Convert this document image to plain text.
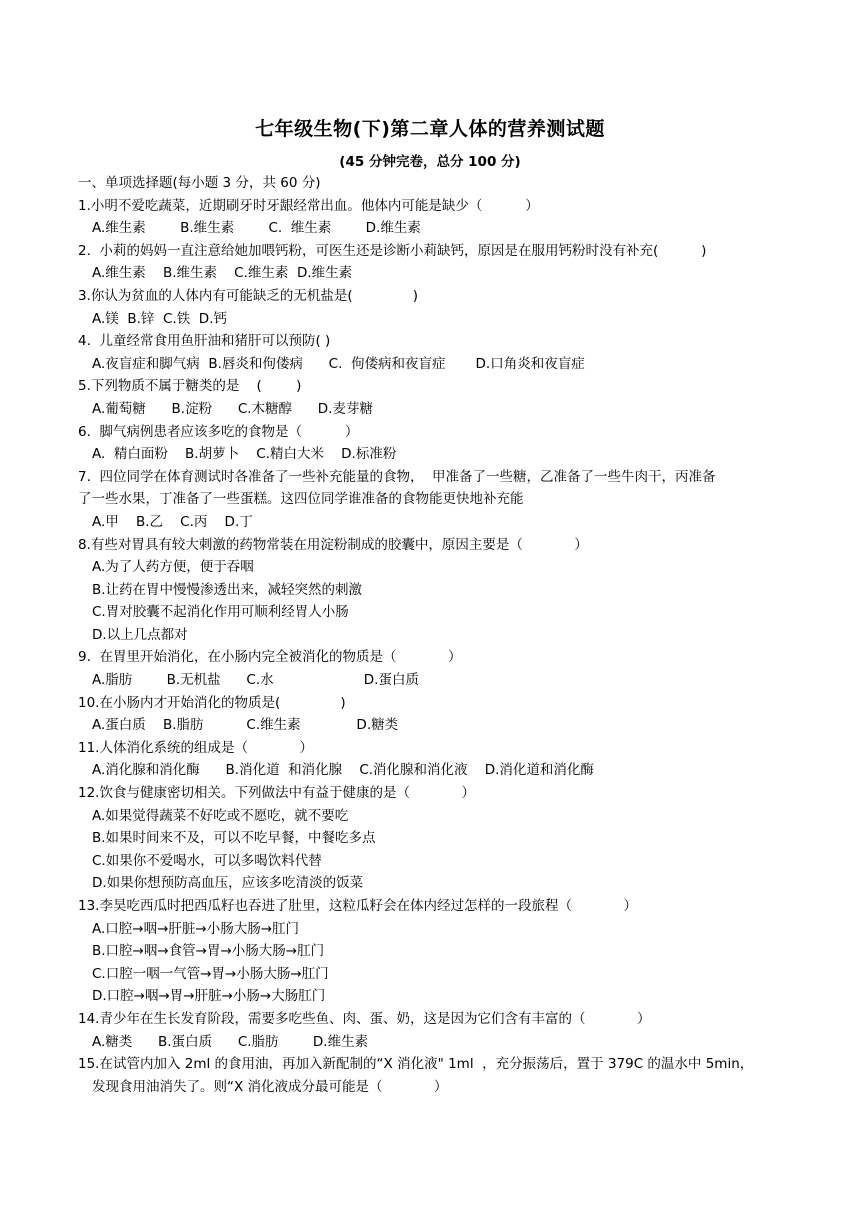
七年级生物(下)第二章人体的营养测试题
(45 分钟完卷，总分 100 分)
一、单项选择题(每小题 3 分，共 60 分)
1.小明不爱吃蔬菜，近期刷牙时牙龈经常出血。他体内可能是缺少（          ）
A.维生素        B.维生素        C.  维生素        D.维生素
2.  小莉的妈妈一直注意给她加喂钙粉，可医生还是诊断小莉缺钙，原因是在服用钙粉时没有补充(          )
A.维生素    B.维生素    C.维生素  D.维生素
3.你认为贫血的人体内有可能缺乏的无机盐是(              )
A.镁  B.锌  C.铁  D.钙
4.  儿童经常食用鱼肝油和猪肝可以预防( )
A.夜盲症和脚气病  B.唇炎和佝偻病      C.  佝偻病和夜盲症       D.口角炎和夜盲症
5.下列物质不属于糖类的是    (        )
A.葡萄糖      B.淀粉      C.木糖醇      D.麦芽糖
6.  脚气病例患者应该多吃的食物是（          ）
A.  精白面粉    B.胡萝卜    C.精白大米    D.标准粉
7.  四位同学在体育测试时各准备了一些补充能量的食物，  甲准备了一些糖，乙准备了一些牛肉干，丙准备
了一些水果，丁准备了一些蛋糕。这四位同学谁准备的食物能更快地补充能
A.甲    B.乙    C.丙    D.丁
8.有些对胃具有较大刺激的药物常装在用淀粉制成的胶囊中，原因主要是（            ）
A.为了人药方便，便于吞咽
B.让药在胃中慢慢渗透出来，减轻突然的刺激
C.胃对胶囊不起消化作用可顺利经胃人小肠
D.以上几点都对
9.  在胃里开始消化，在小肠内完全被消化的物质是（            ）
A.脂肪        B.无机盐      C.水                     D.蛋白质
10.在小肠内才开始消化的物质是(              )
A.蛋白质    B.脂肪          C.维生素             D.糖类
11.人体消化系统的组成是（            ）
A.消化腺和消化酶      B.消化道  和消化腺    C.消化腺和消化液    D.消化道和消化酶
12.饮食与健康密切相关。下列做法中有益于健康的是（            ）
A.如果觉得蔬菜不好吃或不愿吃，就不要吃
B.如果时间来不及，可以不吃早餐，中餐吃多点
C.如果你不爱喝水，可以多喝饮料代替
D.如果你想预防高血压，应该多吃清淡的饭菜
13.李昊吃西瓜时把西瓜籽也吞进了肚里，这粒瓜籽会在体内经过怎样的一段旅程（            ）
A.口腔→咽→肝脏→小肠大肠→肛门
B.口腔→咽→食管→胃→小肠大肠→肛门
C.口腔一咽一气管→胃→小肠大肠→肛门
D.口腔→咽→胃→肝脏→小肠→大肠肛门
14.青少年在生长发育阶段，需要多吃些鱼、肉、蛋、奶，这是因为它们含有丰富的（            ）
A.糖类      B.蛋白质      C.脂肪        D.维生素
15.在试管内加入 2ml 的食用油，再加入新配制的“X 消化液" 1ml  ，充分振荡后，置于 379C 的温水中 5min，
发现食用油消失了。则“X 消化液成分最可能是（            ）
